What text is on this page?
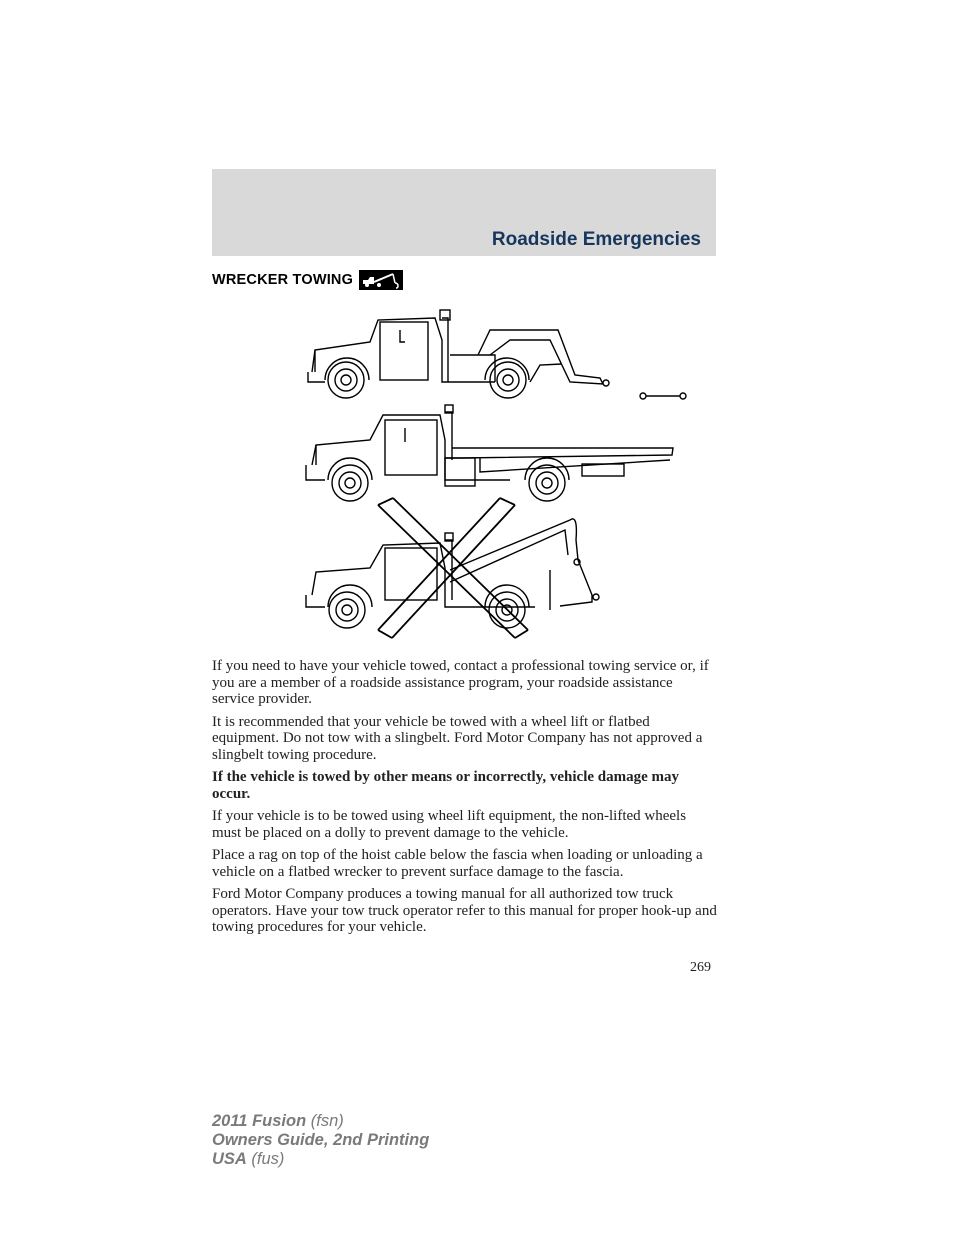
Roadside Emergencies
WRECKER TOWING

If you need to have your vehicle towed, contact a professional towing service or, if you are a member of a roadside assistance program, your roadside assistance service provider.

It is recommended that your vehicle be towed with a wheel lift or flatbed equipment. Do not tow with a slingbelt. Ford Motor Company has not approved a slingbelt towing procedure.

If the vehicle is towed by other means or incorrectly, vehicle damage may occur.

If your vehicle is to be towed using wheel lift equipment, the non-lifted wheels must be placed on a dolly to prevent damage to the vehicle.

Place a rag on top of the hoist cable below the fascia when loading or unloading a vehicle on a flatbed wrecker to prevent surface damage to the fascia.

Ford Motor Company produces a towing manual for all authorized tow truck operators. Have your tow truck operator refer to this manual for proper hook-up and towing procedures for your vehicle.

269
2011 Fusion (fsn)
Owners Guide, 2nd Printing
USA (fus)
